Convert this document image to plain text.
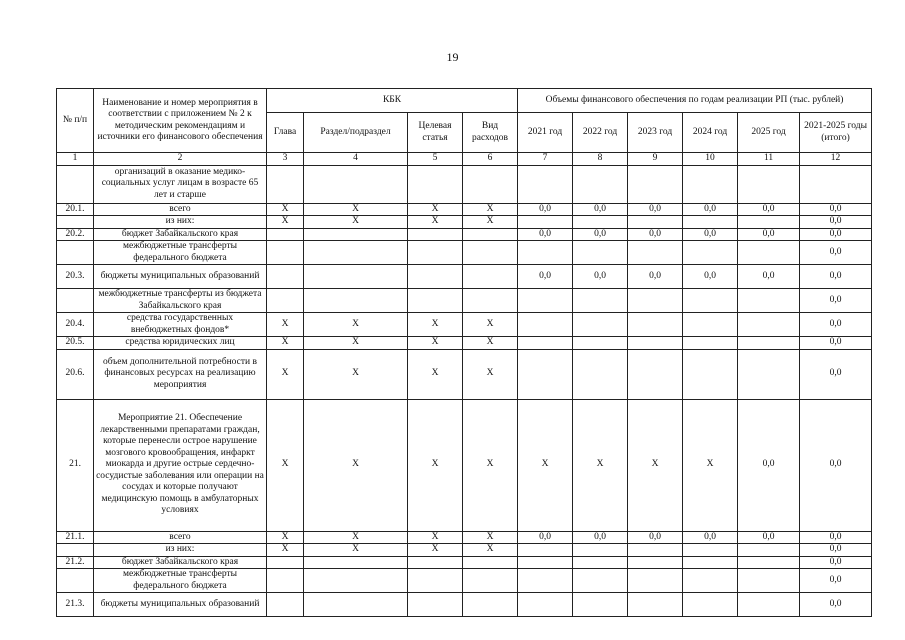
19
№ п/п	Наименование и номер мероприятия в соответствии с приложением № 2 к методическим рекомендациям и источники его финансового обеспечения	КБК				Объемы финансового обеспечения по годам реализации РП (тыс. рублей)					
		Глава	Раздел/подраздел	Целевая статья	Вид расходов	2021 год	2022 год	2023 год	2024 год	2025 год	2021-2025 годы (итого)
1	2	3	4	5	6	7	8	9	10	11	12
	организаций в оказание медико-социальных услуг лицам в возрасте 65 лет и старше										
20.1.	всего	X	X	X	X	0,0	0,0	0,0	0,0	0,0	0,0
	из них:	X	X	X	X						0,0
20.2.	бюджет Забайкальского края					0,0	0,0	0,0	0,0	0,0	0,0
	межбюджетные трансферты федерального бюджета										0,0
20.3.	бюджеты муниципальных образований					0,0	0,0	0,0	0,0	0,0	0,0
	межбюджетные трансферты из бюджета Забайкальского края										0,0
20.4.	средства государственных внебюджетных фондов*	X	X	X	X						0,0
20.5.	средства юридических лиц	X	X	X	X						0,0
20.6.	объем дополнительной потребности в финансовых ресурсах на реализацию мероприятия	X	X	X	X						0,0
21.	Мероприятие 21. Обеспечение лекарственными препаратами граждан, которые перенесли острое нарушение мозгового кровообращения, инфаркт миокарда и другие острые сердечно-сосудистые заболевания или операции на сосудах и которые получают медицинскую помощь в амбулаторных условиях	X	X	X	X	X	X	X	X	0,0	0,0
21.1.	всего	X	X	X	X	0,0	0,0	0,0	0,0	0,0	0,0
	из них:	X	X	X	X						0,0
21.2.	бюджет Забайкальского края										0,0
	межбюджетные трансферты федерального бюджета										0,0
21.3.	бюджеты муниципальных образований										0,0
